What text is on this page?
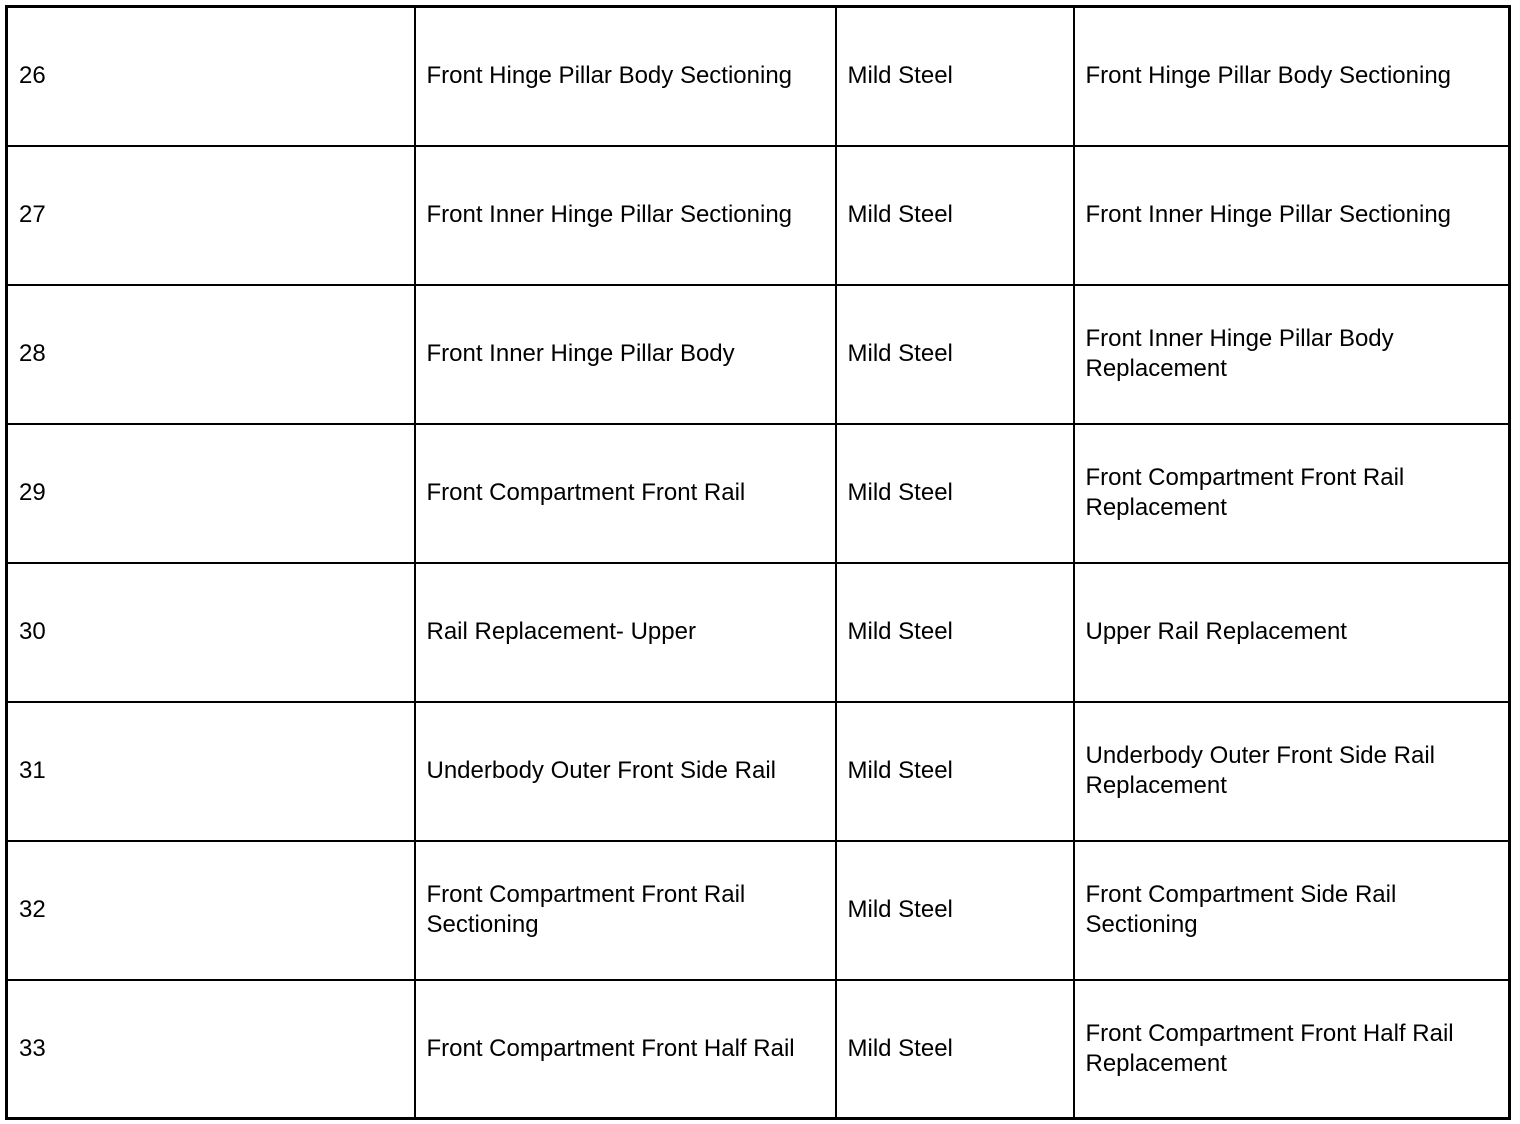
26	Front Hinge Pillar Body Sectioning	Mild Steel	Front Hinge Pillar Body Sectioning
27	Front Inner Hinge Pillar Sectioning	Mild Steel	Front Inner Hinge Pillar Sectioning
28	Front Inner Hinge Pillar Body	Mild Steel	Front Inner Hinge Pillar Body Replacement
29	Front Compartment Front Rail	Mild Steel	Front Compartment Front Rail Replacement
30	Rail Replacement- Upper	Mild Steel	Upper Rail Replacement
31	Underbody Outer Front Side Rail	Mild Steel	Underbody Outer Front Side Rail Replacement
32	Front Compartment Front Rail Sectioning	Mild Steel	Front Compartment Side Rail Sectioning
33	Front Compartment Front Half Rail	Mild Steel	Front Compartment Front Half Rail Replacement
